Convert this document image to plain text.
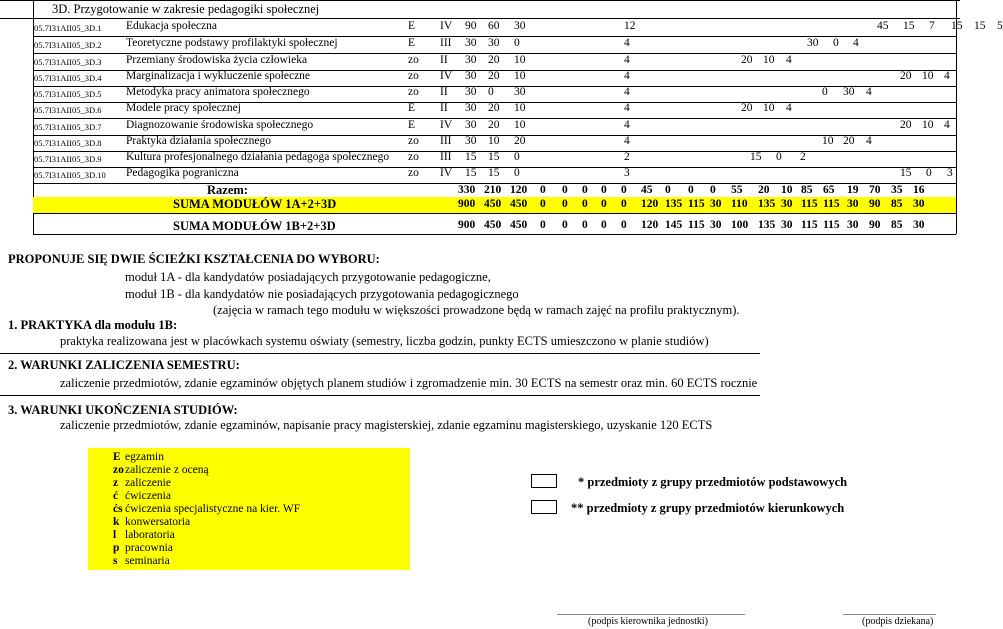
3D. Przygotowanie w zakresie pedagogiki społecznej
05.7I31AII05_3D.1 Edukacja społeczna	E IV 90 60 30	12	45 15 7 15 15 5
05.7I31AII05_3D.2 Teoretyczne podstawy profilaktyki społecznej	E III 30 30 0	4	30 0 4
05.7I31AII05_3D.3 Przemiany środowiska życia człowieka	zo II 30 20 10	4	20 10 4
05.7I31AII05_3D.4 Marginalizacja i wykluczenie społeczne	zo IV 30 20 10	4	20 10 4
05.7I31AII05_3D.5 Metodyka pracy animatora społecznego	zo II 30 0 30	4	0 30 4
05.7I31AII05_3D.6 Modele pracy społecznej	E II 30 20 10	4	20 10 4
05.7I31AII05_3D.7 Diagnozowanie środowiska społecznego	E IV 30 20 10	4	20 10 4
05.7I31AII05_3D.8 Praktyka działania społecznego	zo III 30 10 20	4	10 20 4
05.7I31AII05_3D.9 Kultura profesjonalnego działania pedagoga społecznego zo III 15 15 0	2	15 0 2
05.7I31AII05_3D.10 Pedagogika pograniczna	zo IV 15 15 0	3	15 0 3
Razem:	330 210 120 0 0 0 0 0 45 0 0 0 55 20 10 85 65 19 70 35 16
SUMA MODUŁÓW 1A+2+3D	900 450 450 0 0 0 0 0 120 135 115 30 110 135 30 115 115 30 90 85 30
SUMA MODUŁÓW 1B+2+3D	900 450 450 0 0 0 0 0 120 145 115 30 100 135 30 115 115 30 90 85 30
PROPONUJE SIĘ DWIE ŚCIEŻKI KSZTAŁCENIA DO WYBORU:
moduł 1A - dla kandydatów posiadających przygotowanie pedagogiczne,
moduł 1B - dla kandydatów nie posiadających przygotowania pedagogicznego
(zajęcia w ramach tego modułu w większości prowadzone będą w ramach zajęć na profilu praktycznym).
1. PRAKTYKA dla modułu 1B:
praktyka realizowana jest w placówkach systemu oświaty (semestry, liczba godzin, punkty ECTS umieszczono w planie studiów)
2. WARUNKI ZALICZENIA SEMESTRU:
zaliczenie przedmiotów, zdanie egzaminów objętych planem studiów i zgromadzenie min. 30 ECTS na semestr oraz min. 60 ECTS rocznie
3. WARUNKI UKOŃCZENIA STUDIÓW:
zaliczenie przedmiotów, zdanie egzaminów, napisanie pracy magisterskiej, zdanie egzaminu magisterskiego, uzyskanie 120 ECTS
E egzamin
zo zaliczenie z oceną
z zaliczenie
ć ćwiczenia
ćs ćwiczenia specjalistyczne na kier. WF
k konwersatoria
l laboratoria
p pracownia
s seminaria
* przedmioty z grupy przedmiotów podstawowych
** przedmioty z grupy przedmiotów kierunkowych
(podpis kierownika jednostki)	(podpis dziekana)
